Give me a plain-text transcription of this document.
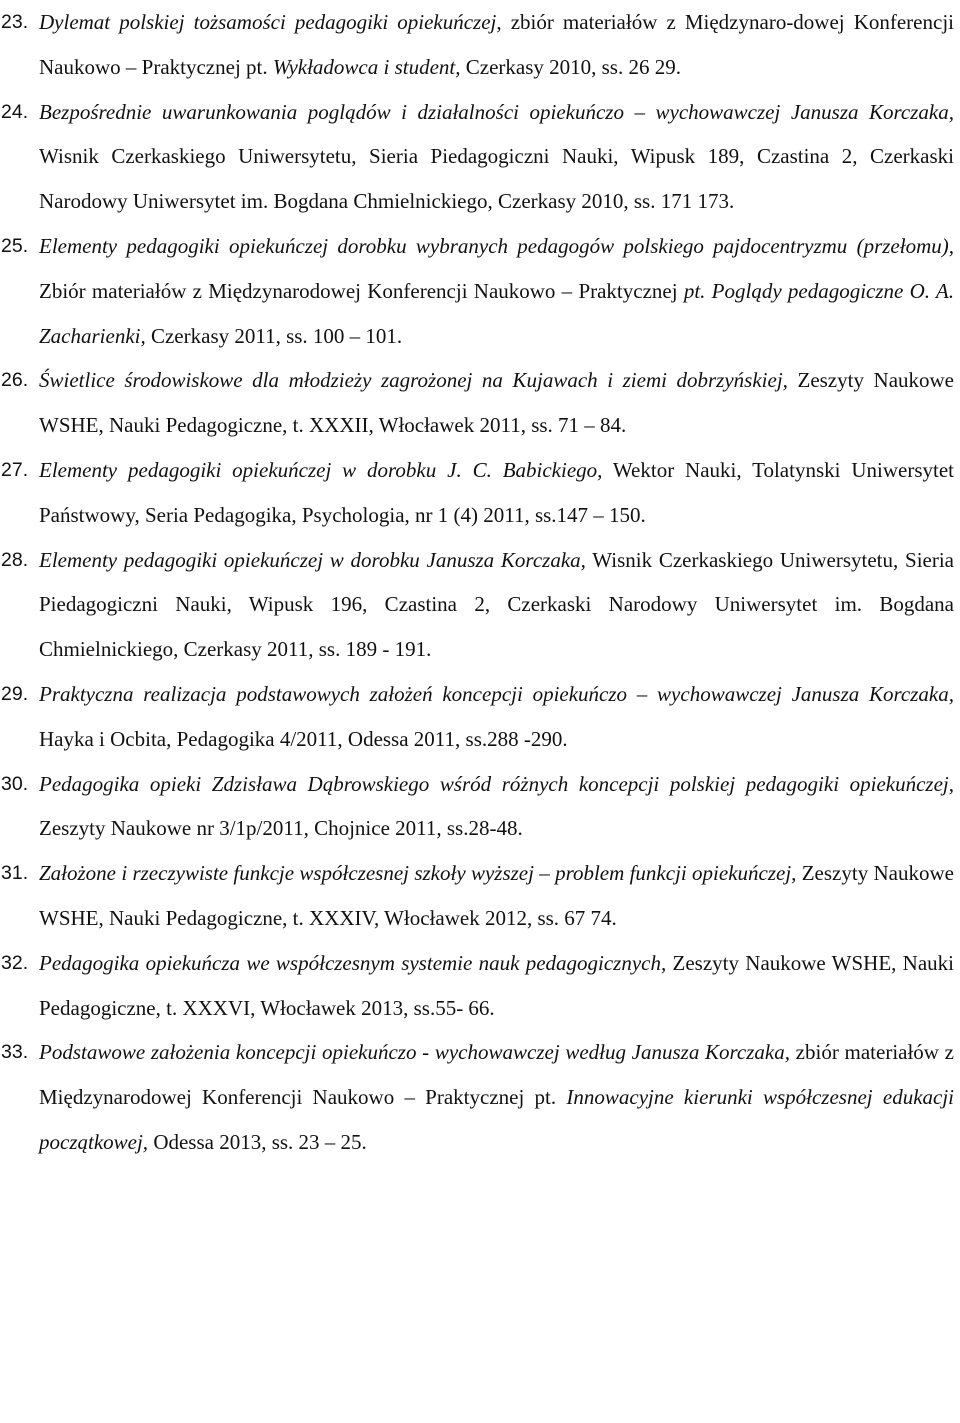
23. Dylemat polskiej tożsamości pedagogiki opiekuńczej, zbiór materiałów z Międzynaro-dowej Konferencji Naukowo – Praktycznej pt. Wykładowca i student, Czerkasy 2010, ss. 26 29.
24. Bezpośrednie uwarunkowania poglądów i działalności opiekuńczo – wychowawczej Janusza Korczaka, Wisnik Czerkaskiego Uniwersytetu, Sieria Piedagogiczni Nauki, Wipusk 189, Czastina 2, Czerkaski Narodowy Uniwersytet im. Bogdana Chmielnickiego, Czerkasy 2010, ss. 171 173.
25. Elementy pedagogiki opiekuńczej dorobku wybranych pedagogów polskiego pajdocentryzmu (przełomu), Zbiór materiałów z Międzynarodowej Konferencji Naukowo – Praktycznej pt. Poglądy pedagogiczne O. A. Zacharienki, Czerkasy 2011, ss. 100 – 101.
26. Świetlice środowiskowe dla młodzieży zagrożonej na Kujawach i ziemi dobrzyńskiej, Zeszyty Naukowe WSHE, Nauki Pedagogiczne, t. XXXII, Włocławek 2011, ss. 71 – 84.
27. Elementy pedagogiki opiekuńczej w dorobku J. C. Babickiego, Wektor Nauki, Tolatynski Uniwersytet Państwowy, Seria Pedagogika, Psychologia, nr 1 (4) 2011, ss.147 – 150.
28. Elementy pedagogiki opiekuńczej w dorobku Janusza Korczaka, Wisnik Czerkaskiego Uniwersytetu, Sieria Piedagogiczni Nauki, Wipusk 196, Czastina 2, Czerkaski Narodowy Uniwersytet im. Bogdana Chmielnickiego, Czerkasy 2011, ss. 189 - 191.
29. Praktyczna realizacja podstawowych założeń koncepcji opiekuńczo – wychowawczej Janusza Korczaka, Hayka i Ocbita, Pedagogika 4/2011, Odessa 2011, ss.288 -290.
30. Pedagogika opieki Zdzisława Dąbrowskiego wśród różnych koncepcji polskiej pedagogiki opiekuńczej, Zeszyty Naukowe nr 3/1p/2011, Chojnice 2011, ss.28-48.
31. Założone i rzeczywiste funkcje współczesnej szkoły wyższej – problem funkcji opiekuńczej, Zeszyty Naukowe WSHE, Nauki Pedagogiczne, t. XXXIV, Włocławek 2012, ss. 67 74.
32. Pedagogika opiekuńcza we współczesnym systemie nauk pedagogicznych, Zeszyty Naukowe WSHE, Nauki Pedagogiczne, t. XXXVI, Włocławek 2013, ss.55- 66.
33. Podstawowe założenia koncepcji opiekuńczo - wychowawczej według Janusza Korczaka, zbiór materiałów z Międzynarodowej Konferencji Naukowo – Praktycznej pt. Innowacyjne kierunki współczesnej edukacji początkowej, Odessa 2013, ss. 23 – 25.
